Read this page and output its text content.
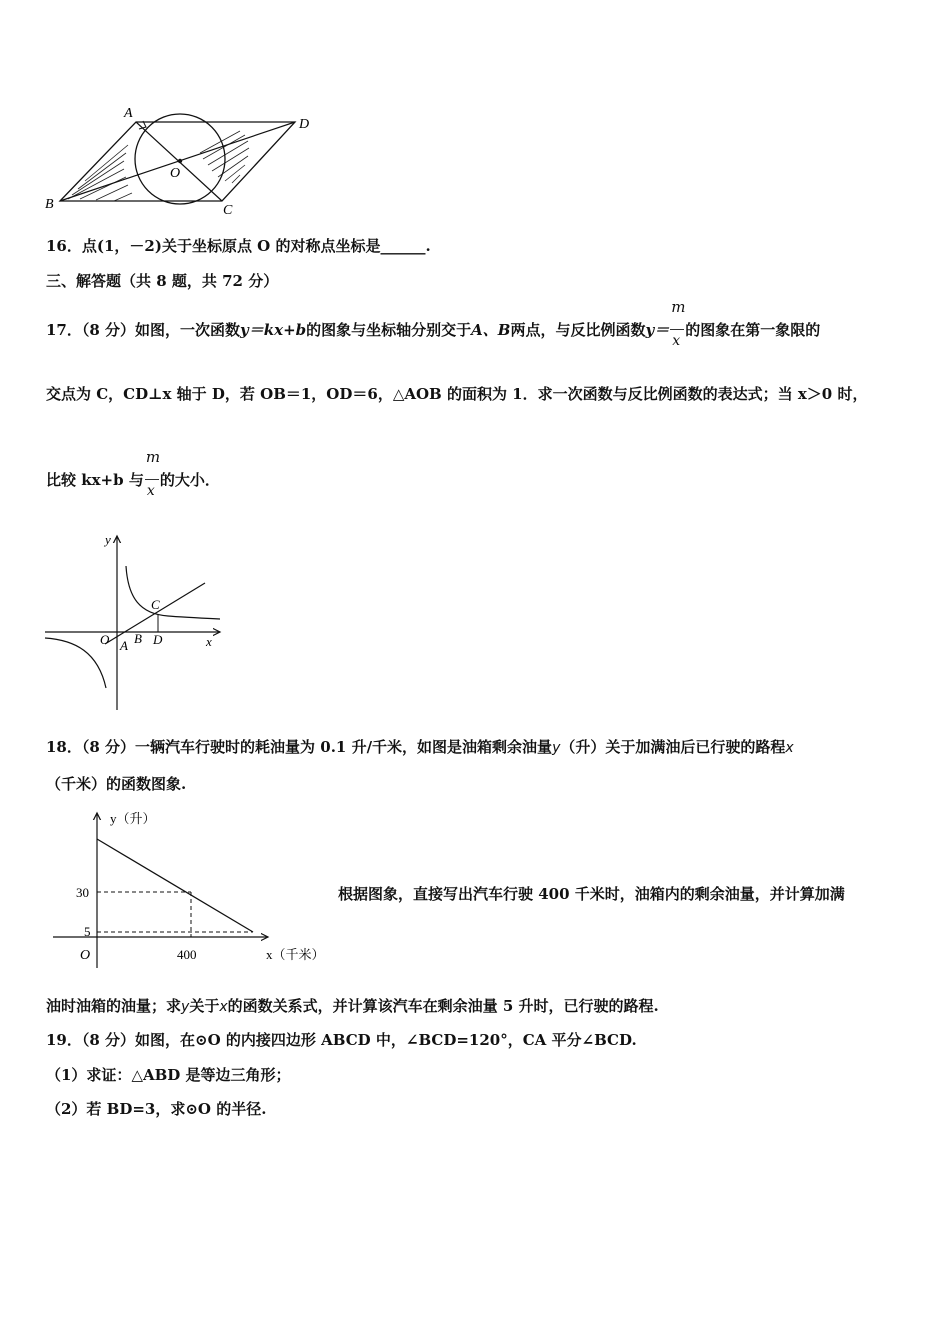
A
D
O
B	C
16．点(1，－2)关于坐标原点 O 的对称点坐标是______.
三、解答题（共 8 题，共 72 分）
17．（8 分）如图，一次函数y＝kx+b的图象与坐标轴分别交于A、B两点，与反比例函数$y= \frac{m}{x}$ 的图象在第一象限的
交点为 C，CD⊥x 轴于 D，若 OB＝1，OD＝6，△AOB 的面积为 1．求一次函数与反比例函数的表达式；当 x＞0 时，
比较 kx+b 与 $\frac{m}{x}$ 的大小．
y
x
O A B
C
D
18．（8 分）一辆汽车行驶时的耗油量为 0.1 升/千米，如图是油箱剩余油量y（升）关于加满油后已行驶的路程x
（千米）的函数图象.
y（升）
x（千米）
O
30
5
400
根据图象，直接写出汽车行驶 400 千米时，油箱内的剩余油量，并计算加满
油时油箱的油量；求y关于x的函数关系式，并计算该汽车在剩余油量 5 升时，已行驶的路程.
19．（8 分）如图，在⊙O 的内接四边形 ABCD 中，∠BCD=120°，CA 平分∠BCD.
（1）求证：△ABD 是等边三角形；
（2）若 BD=3，求⊙O 的半径.
